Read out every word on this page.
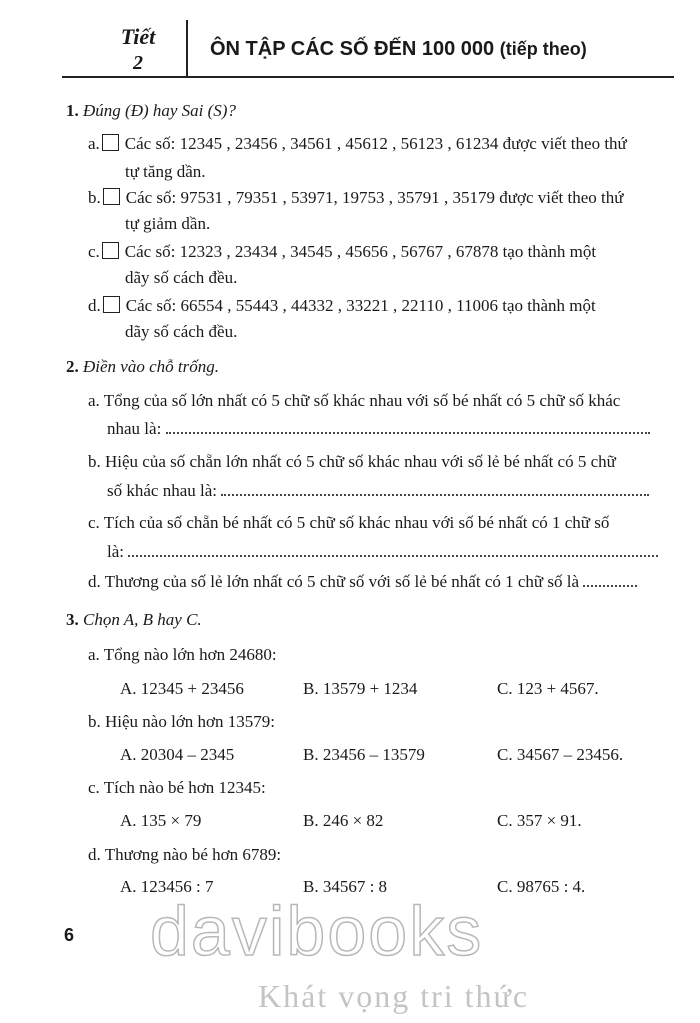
Tiết
2
ÔN TẬP CÁC SỐ ĐẾN 100 000 (tiếp theo)
1. Đúng (Đ) hay Sai (S)?
a. Các số: 12345 , 23456 , 34561 , 45612 , 56123 , 61234 được viết theo thứ
tự tăng dần.
b. Các số: 97531 , 79351 , 53971, 19753 , 35791 , 35179 được viết theo thứ
tự giảm dần.
c. Các số: 12323 , 23434 , 34545 , 45656 , 56767 , 67878 tạo thành một
dãy số cách đều.
d. Các số: 66554 , 55443 , 44332 , 33221 , 22110 , 11006 tạo thành một
dãy số cách đều.
2. Điền vào chỗ trống.
a. Tổng của số lớn nhất có 5 chữ số khác nhau với số bé nhất có 5 chữ số khác
nhau là:
b. Hiệu của số chẵn lớn nhất có 5 chữ số khác nhau với số lẻ bé nhất có 5 chữ
số khác nhau là:
c. Tích của số chẵn bé nhất có 5 chữ số khác nhau với số bé nhất có 1 chữ số
là:
d. Thương của số lẻ lớn nhất có 5 chữ số với số lẻ bé nhất có 1 chữ số là
3. Chọn A, B hay C.
a. Tổng nào lớn hơn 24680:
A. 12345 + 23456	B. 13579 + 1234	C. 123 + 4567.
b. Hiệu nào lớn hơn 13579:
A. 20304 – 2345	B. 23456 – 13579	C. 34567 – 23456.
c. Tích nào bé hơn 12345:
A. 135 × 79	B. 246 × 82	C. 357 × 91.
d. Thương nào bé hơn 6789:
A. 123456 : 7	B. 34567 : 8	C. 98765 : 4.
davibooks
Khát vọng tri thức
6
